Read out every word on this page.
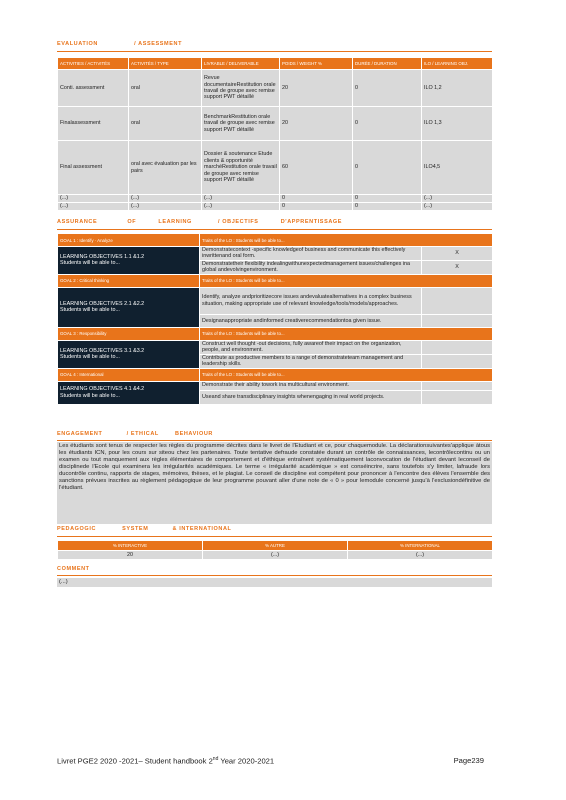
EVALUATION	/ ASSESSMENT
ACTIVITIES / ACTIVITÉS	ACTIVITÉS / TYPE	LIVRABLE / DELIVERABLE	POIDS / WEIGHT %	DURÉE / DURATION	ILO / LEARNING OBJ.
Conti. assessment	oral	Revue documentaireRestitution orale travail de groupe avec remise support PWT détaillé	20	0	ILO 1,2
Finalassessment	oral	BenchmarkRestitution orale travail de groupe avec remise support PWT détaillé	20	0	ILO 1,3
Final assessment	oral avec évaluation par les pairs	Dossier & soutenance Etude clients & opportunité marchéRestitution orale travail de groupe avec remise support PWT détaillé	60	0	ILO4,5
(...)	(...)	(...)	0	0	(...)
(...)	(...)	(...)	0	0	(...)
ASSURANCE	OF	LEARNING	/ OBJECTIFS	D'APPRENTISSAGE
GOAL 1 : Identify · Analyze	Traits of the LO : Students will be able to...	

LEARNING OBJECTIVES 1.1 &1.2
Students will be able to...	Demonstratecontext -specific knowledgeof business and communicate this effectively inwrittenand oral form.	X
	Demonstratetheir flexibility indealingwithunexpectedmanagement issues/challenges ina global andevolvingenvironment.	X
GOAL 2 : Critical thinking	Traits of the LO : Students will be able to...	

LEARNING OBJECTIVES 2.1 &2.2
Students will be able to...	Identify, analyze andprioritizecore issues andevaluatealternatives in a complex business situation, making appropriate use of relevant knowledge/tools/models/approaches.	
	Designanappropriate andinformed creativerecommendationtoa given issue.	
GOAL 3 : Responsibility	Traits of the LO : Students will be able to...	

LEARNING OBJECTIVES 3.1 &3.2
Students will be able to...	Construct well thought -out decisions, fully awareof their impact on the organization, people, and environment.	
	Contribute as productive members to a range of demonstrateteam management and leadership skills.	
GOAL 4 : International	Traits of the LO : Students will be able to...	

LEARNING OBJECTIVES 4.1 &4.2
Students will be able to...	Demonstrate their ability towork ina multicultural environment.	
	Useand share transdisciplinary insights whenengaging in real world projects.	
ENGAGEMENT	/ ETHICAL	BEHAVIOUR
Les étudiants sont tenus de respecter les règles du programme décrites dans le livret de l'Etudiant et ce, pour chaquemodule. La déclarationsuivantes'applique àtous les étudiants ICN, pour les cours sur siteou chez les partenaires. Toute tentative defraude constatée durant un contrôle de connaissances, lecontrôlecontinu ou un examen ou tout manquement aux règles élémentaires de comportement et d'éthique entraînent systématiquement laconvocation de l'étudiant devant leconseil de disciplinede l'Ecole qui examinera les irrégularités académiques. Le terme « irrégularité académique » est conséincrire, sans toutefois s'y limiter, lafraude lors ducontrôle continu, rapports de stages, mémoires, thèses, et le plagiat. Le conseil de discipline est compétent pour prononcer à l'encontre des élèves l'ensemble des sanctions prévues inscrites au règlement pédagogique de leur programme pouvant aller d'une note de « 0 » pour lemodule concerné jusqu'à l'exclusiondéfinitive de l'étudiant.
PEDAGOGIC	SYSTEM	& INTERNATIONAL
% INTERACTIVE	% AUTRE	% INTERNATIONAL
20	(...)	(...)
COMMENT
(...)
Livret PGE2 2020 -2021– Student handbook 2nd Year 2020-2021	Page239
